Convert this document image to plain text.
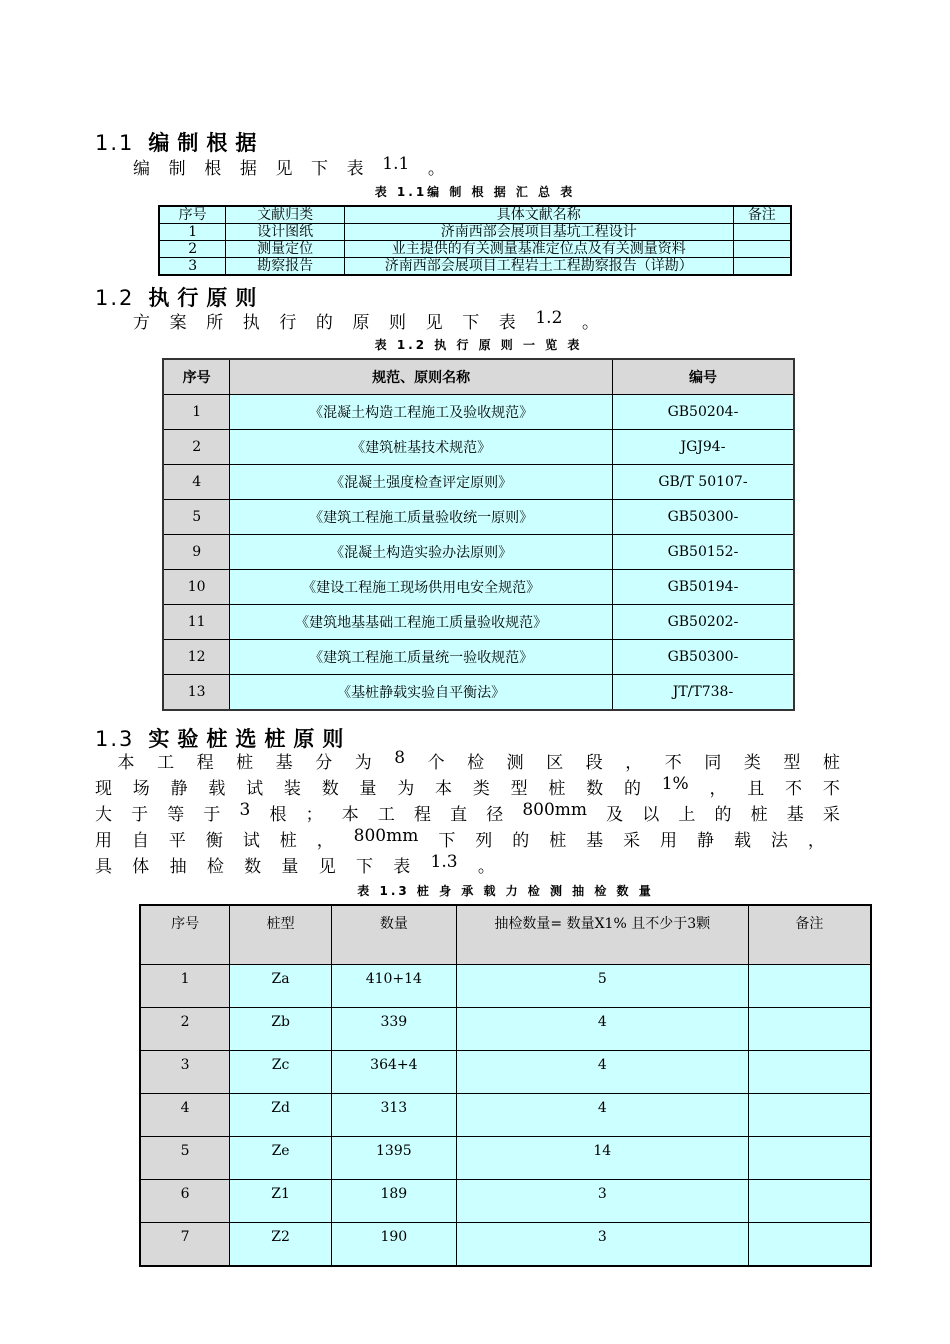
1.1 编制根据
编 制 根 据 见 下 表 1.1 。
表 1.1编 制 根 据 汇 总 表
序号	文献归类	具体文献名称	备注
1	设计图纸	济南西部会展项目基坑工程设计	
2	测量定位	业主提供的有关测量基准定位点及有关测量资料	
3	勘察报告	济南西部会展项目工程岩土工程勘察报告（详勘）	
1.2 执行原则
方 案 所 执 行 的 原 则 见 下 表 1.2 。
表 1.2 执 行 原 则 一 览 表
序号	规范、原则名称	编号
1	《混凝土构造工程施工及验收规范》	GB50204-
2	《建筑桩基技术规范》	JGJ94-
4	《混凝土强度检查评定原则》	GB/T 50107-
5	《建筑工程施工质量验收统一原则》	GB50300-
9	《混凝土构造实验办法原则》	GB50152-
10	《建设工程施工现场供用电安全规范》	GB50194-
11	《建筑地基基础工程施工质量验收规范》	GB50202-
12	《建筑工程施工质量统一验收规范》	GB50300-
13	《基桩静载实验自平衡法》	JT/T738-
1.3 实验桩选桩原则
本 工 程 桩 基 分 为 8 个 检 测 区 段 ， 不 同 类 型 桩
现 场 静 载 试 装 数 量 为 本 类 型 桩 数 的 1% ， 且 不 不
大 于 等 于 3 根 ； 本 工 程 直 径 800mm 及 以 上 的 桩 基 采
用 自 平 衡 试 桩 ， 800mm 下 列 的 桩 基 采 用 静 载 法 ，
具 体 抽 检 数 量 见 下 表 1.3 。
表 1.3 桩 身 承 载 力 检 测 抽 检 数 量
序号	桩型	数量	抽检数量= 数量X1% 且不少于3颗	备注
1	Za	410+14	5	
2	Zb	339	4	
3	Zc	364+4	4	
4	Zd	313	4	
5	Ze	1395	14	
6	Z1	189	3	
7	Z2	190	3	
